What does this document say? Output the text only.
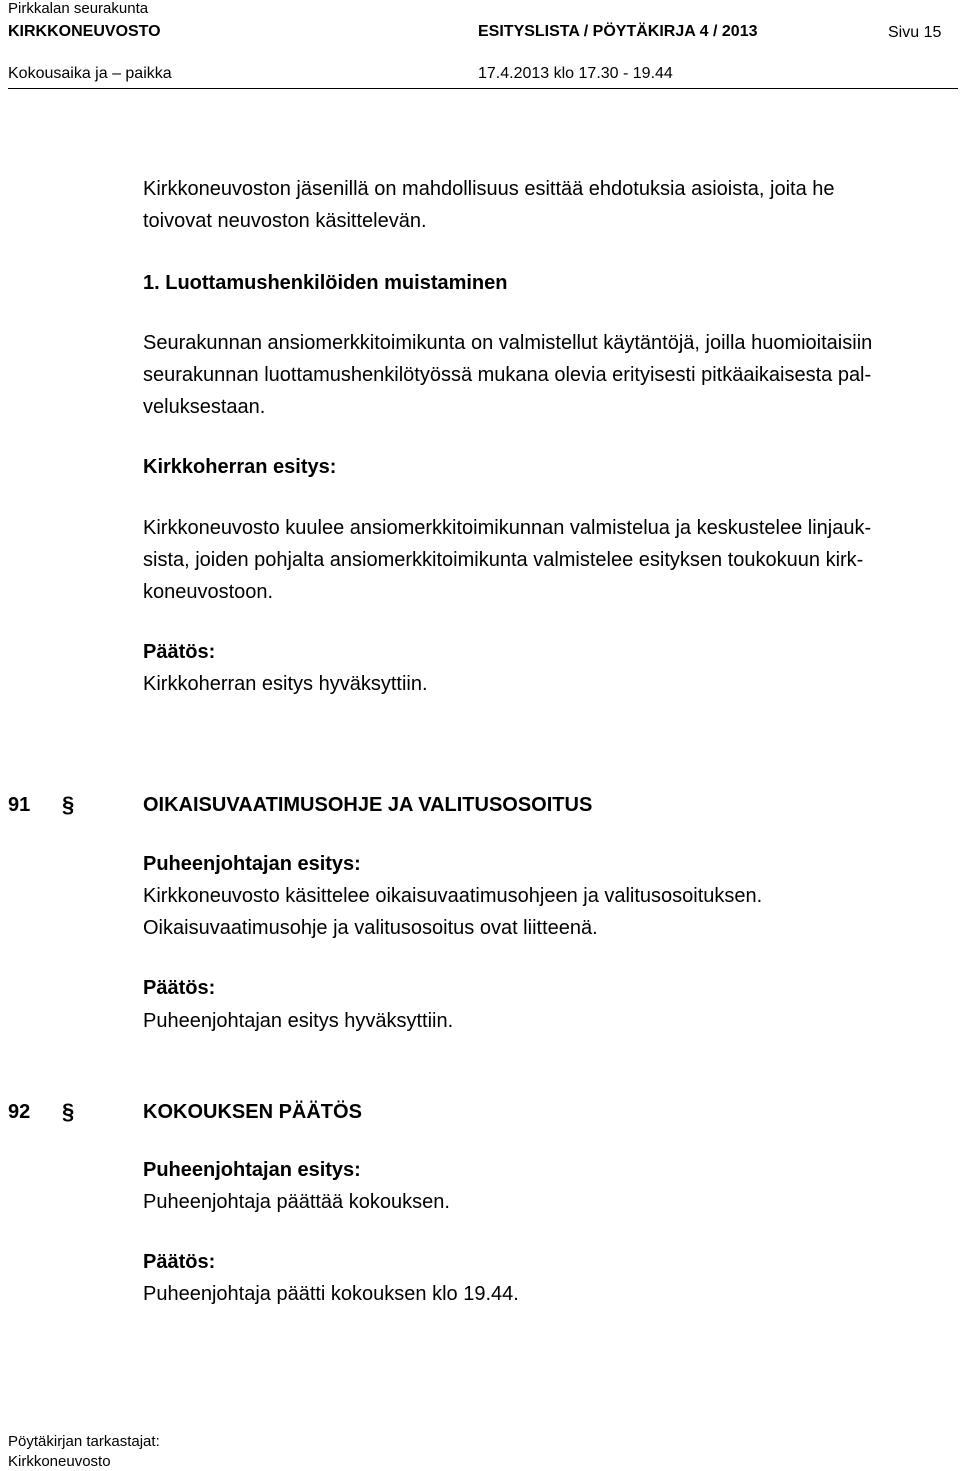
Pirkkalan seurakunta
KIRKKONEUVOSTO	ESITYSLISTA / PÖYTÄKIRJA 4 / 2013	Sivu 15
Kokousaika ja – paikka	17.4.2013 klo 17.30 - 19.44
Kirkkoneuvoston jäsenillä on mahdollisuus esittää ehdotuksia asioista, joita he
toivovat neuvoston käsittelevän.
1. Luottamushenkilöiden muistaminen
Seurakunnan ansiomerkkitoimikunta on valmistellut käytäntöjä, joilla huomioitaisiin
seurakunnan luottamushenkilötyössä mukana olevia erityisesti pitkäaikaisesta pal-
veluksestaan.
Kirkkoherran esitys:
Kirkkoneuvosto kuulee ansiomerkkitoimikunnan valmistelua ja keskustelee linjauk-
sista, joiden pohjalta ansiomerkkitoimikunta valmistelee esityksen toukokuun kirk-
koneuvostoon.
Päätös:
Kirkkoherran esitys hyväksyttiin.
91 §	OIKAISUVAATIMUSOHJE JA VALITUSOSOITUS
Puheenjohtajan esitys:
Kirkkoneuvosto käsittelee oikaisuvaatimusohjeen ja valitusosoituksen.
Oikaisuvaatimusohje ja valitusosoitus ovat liitteenä.
Päätös:
Puheenjohtajan esitys hyväksyttiin.
92 §	KOKOUKSEN PÄÄTÖS
Puheenjohtajan esitys:
Puheenjohtaja päättää kokouksen.
Päätös:
Puheenjohtaja päätti kokouksen klo 19.44.
Pöytäkirjan tarkastajat:
Kirkkoneuvosto
